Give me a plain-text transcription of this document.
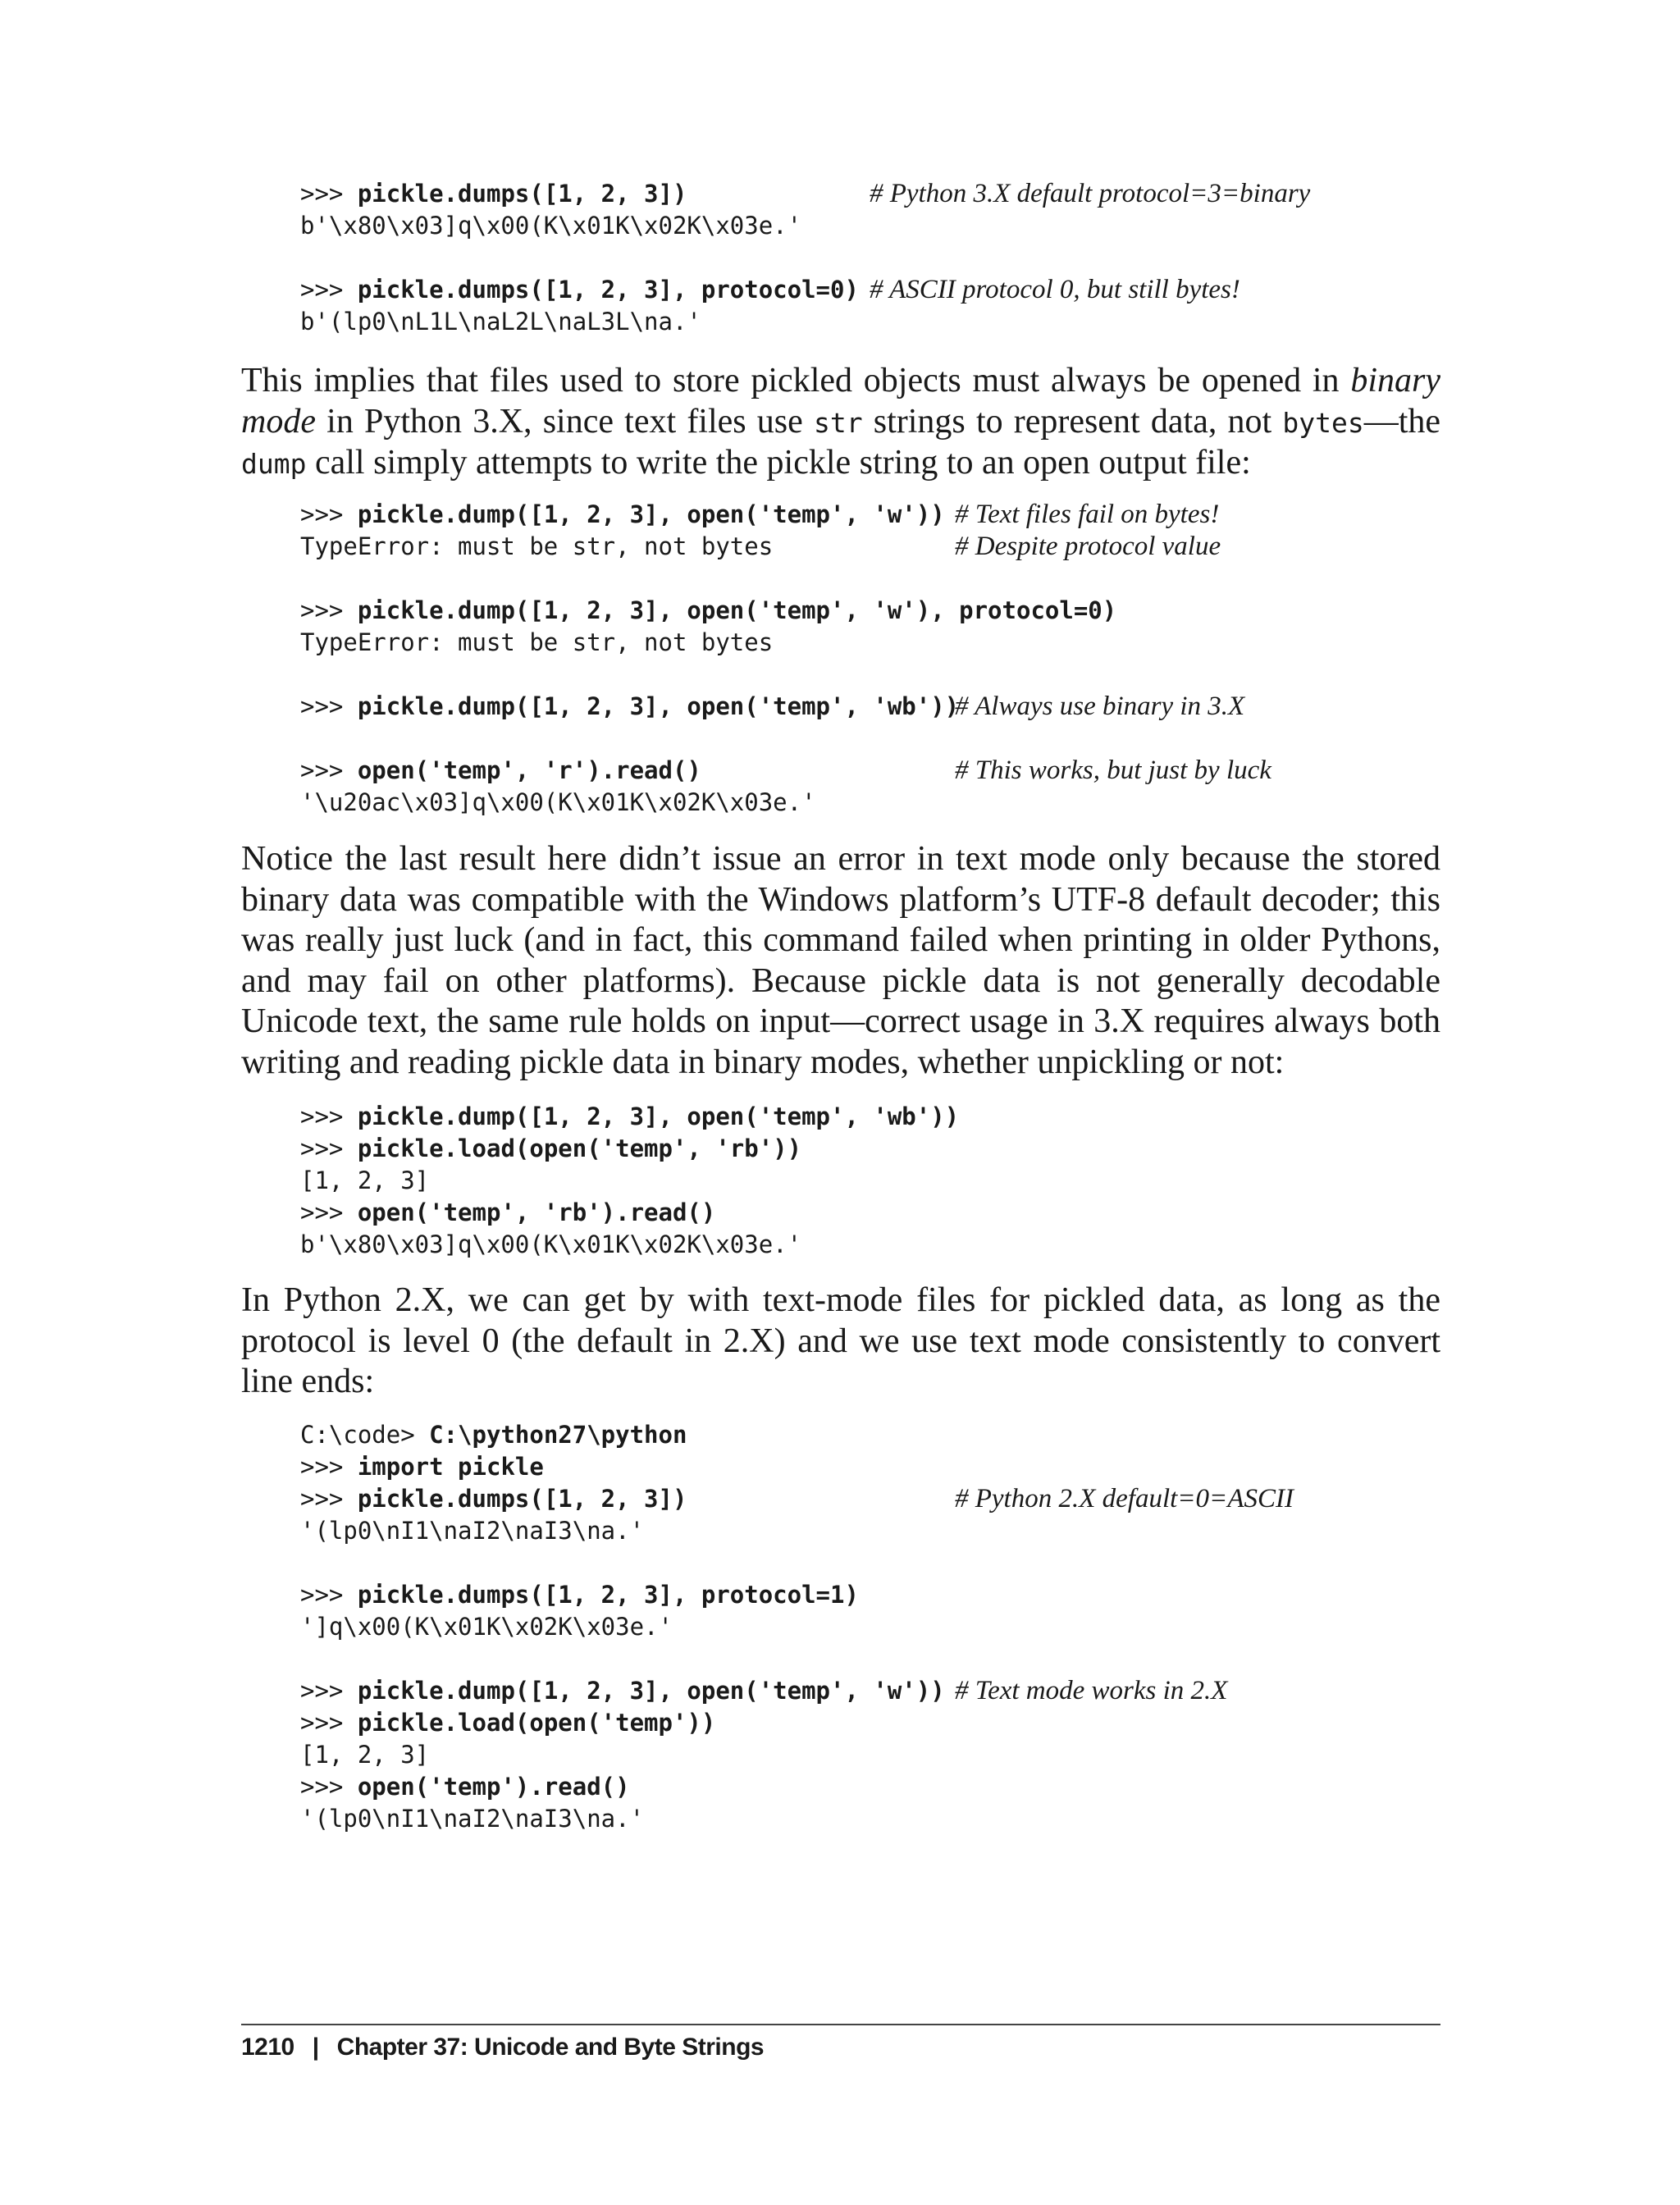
>>> pickle.dumps([1, 2, 3])	# Python 3.X default protocol=3=binary
b'\x80\x03]q\x00(K\x01K\x02K\x03e.'
>>> pickle.dumps([1, 2, 3], protocol=0) # ASCII protocol 0, but still bytes!
b'(lp0\nL1L\naL2L\naL3L\na.'

This implies that files used to store pickled objects must always be opened in binary mode in Python 3.X, since text files use str strings to represent data, not bytes—the dump call simply attempts to write the pickle string to an open output file:

>>> pickle.dump([1, 2, 3], open('temp', 'w')) # Text files fail on bytes!
TypeError: must be str, not bytes	# Despite protocol value
>>> pickle.dump([1, 2, 3], open('temp', 'w'), protocol=0)
TypeError: must be str, not bytes
>>> pickle.dump([1, 2, 3], open('temp', 'wb'))
# Always use binary in 3.X
>>> open('temp', 'r').read()	# This works, but just by luck
'\u20ac\x03]q\x00(K\x01K\x02K\x03e.'

Notice the last result here didn’t issue an error in text mode only because the stored binary data was compatible with the Windows platform’s UTF-8 default decoder; this was really just luck (and in fact, this command failed when printing in older Pythons, and may fail on other platforms). Because pickle data is not generally decodable Unicode text, the same rule holds on input—correct usage in 3.X requires always both writing and reading pickle data in binary modes, whether unpickling or not:

>>> pickle.dump([1, 2, 3], open('temp', 'wb'))
>>> pickle.load(open('temp', 'rb'))
[1, 2, 3]
>>> open('temp', 'rb').read()
b'\x80\x03]q\x00(K\x01K\x02K\x03e.'

In Python 2.X, we can get by with text-mode files for pickled data, as long as the protocol is level 0 (the default in 2.X) and we use text mode consistently to convert line ends:

C:\code> C:\python27\python
>>> import pickle
>>> pickle.dumps([1, 2, 3])	# Python 2.X default=0=ASCII
'(lp0\nI1\naI2\naI3\na.'
>>> pickle.dumps([1, 2, 3], protocol=1)
']q\x00(K\x01K\x02K\x03e.'
>>> pickle.dump([1, 2, 3], open('temp', 'w')) # Text mode works in 2.X
>>> pickle.load(open('temp'))
[1, 2, 3]
>>> open('temp').read()
'(lp0\nI1\naI2\naI3\na.'
1210 | Chapter 37: Unicode and Byte Strings
